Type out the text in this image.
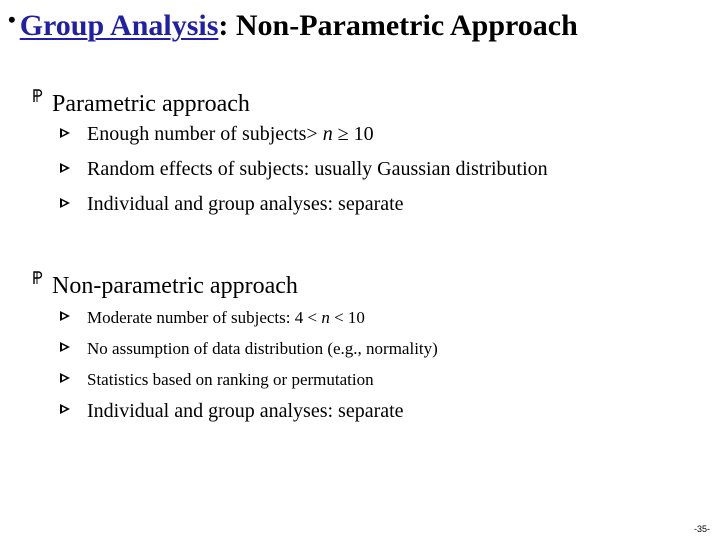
• Group Analysis: Non-Parametric Approach
Parametric approach
Enough number of subjects> n ≥ 10
Random effects of subjects: usually Gaussian distribution
Individual and group analyses: separate
Non-parametric approach
Moderate number of subjects: 4 < n < 10
No assumption of data distribution (e.g., normality)
Statistics based on ranking or permutation
Individual and group analyses: separate
-35-
